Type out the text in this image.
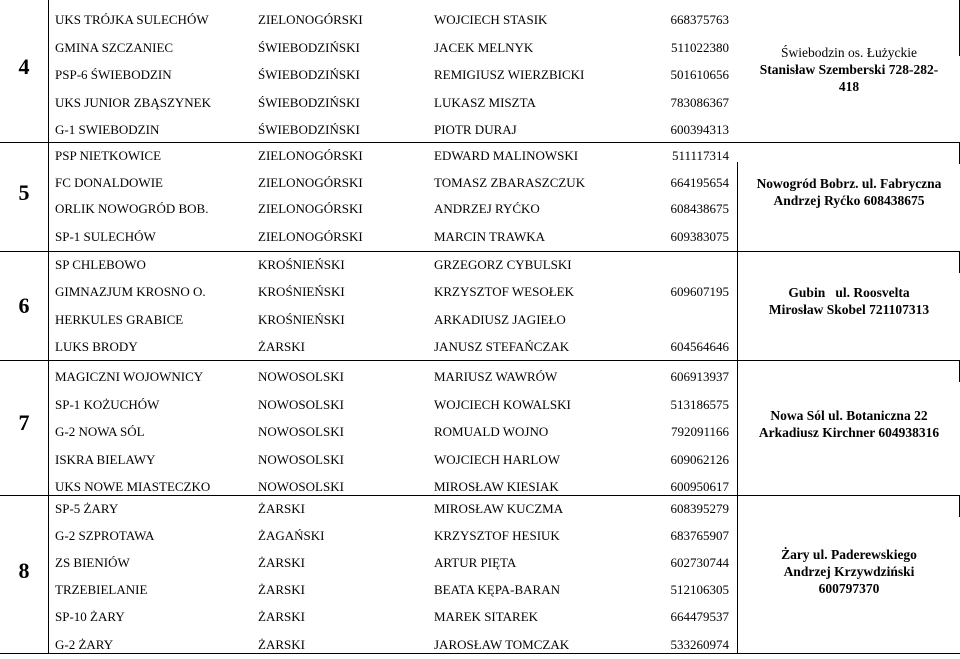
4
UKS TRÓJKA SULECHÓW	ZIELONOGÓRSKI	WOJCIECH STASIK	668375763
GMINA SZCZANIEC	ŚWIEBODZIŃSKI	JACEK MELNYK	511022380
PSP-6 ŚWIEBODZIN	ŚWIEBODZIŃSKI	REMIGIUSZ WIERZBICKI	501610656
UKS JUNIOR ZBĄSZYNEK	ŚWIEBODZIŃSKI	LUKASZ MISZTA	783086367
G-1 SWIEBODZIN	ŚWIEBODZIŃSKI	PIOTR DURAJ	600394313
Świebodzin os. Łużyckie
Stanisław Szemberski 728-282-418
5
PSP NIETKOWICE	ZIELONOGÓRSKI	EDWARD MALINOWSKI	511117314
FC DONALDOWIE	ZIELONOGÓRSKI	TOMASZ ZBARASZCZUK	664195654
ORLIK NOWOGRÓD BOB.	ZIELONOGÓRSKI	ANDRZEJ RYĆKO	608438675
SP-1 SULECHÓW	ZIELONOGÓRSKI	MARCIN TRAWKA	609383075
Nowogród Bobrz. ul. Fabryczna
Andrzej Ryćko 608438675
6
SP CHLEBOWO	KROŚNIEŃSKI	GRZEGORZ CYBULSKI
GIMNAZJUM KROSNO O.	KROŚNIEŃSKI	KRZYSZTOF WESOŁEK	609607195
HERKULES GRABICE	KROŚNIEŃSKI	ARKADIUSZ JAGIEŁO
LUKS BRODY	ŻARSKI	JANUSZ STEFAŃCZAK	604564646
Gubin   ul. Roosvelta
Mirosław Skobel 721107313
7
MAGICZNI WOJOWNICY	NOWOSOLSKI	MARIUSZ WAWRÓW	606913937
SP-1 KOŻUCHÓW	NOWOSOLSKI	WOJCIECH KOWALSKI	513186575
G-2 NOWA SÓL	NOWOSOLSKI	ROMUALD WOJNO	792091166
ISKRA BIELAWY	NOWOSOLSKI	WOJCIECH HARLOW	609062126
UKS NOWE MIASTECZKO	NOWOSOLSKI	MIROSŁAW KIESIAK	600950617
Nowa Sól ul. Botaniczna 22
Arkadiusz Kirchner 604938316
8
SP-5 ŻARY	ŻARSKI	MIROSŁAW KUCZMA	608395279
G-2 SZPROTAWA	ŻAGAŃSKI	KRZYSZTOF HESIUK	683765907
ZS BIENIÓW	ŻARSKI	ARTUR PIĘTA	602730744
TRZEBIELANIE	ŻARSKI	BEATA KĘPA-BARAN	512106305
SP-10 ŻARY	ŻARSKI	MAREK SITAREK	664479537
G-2 ŻARY	ŻARSKI	JAROSŁAW TOMCZAK	533260974
Żary ul. Paderewskiego
Andrzej Krzywdziński
600797370
